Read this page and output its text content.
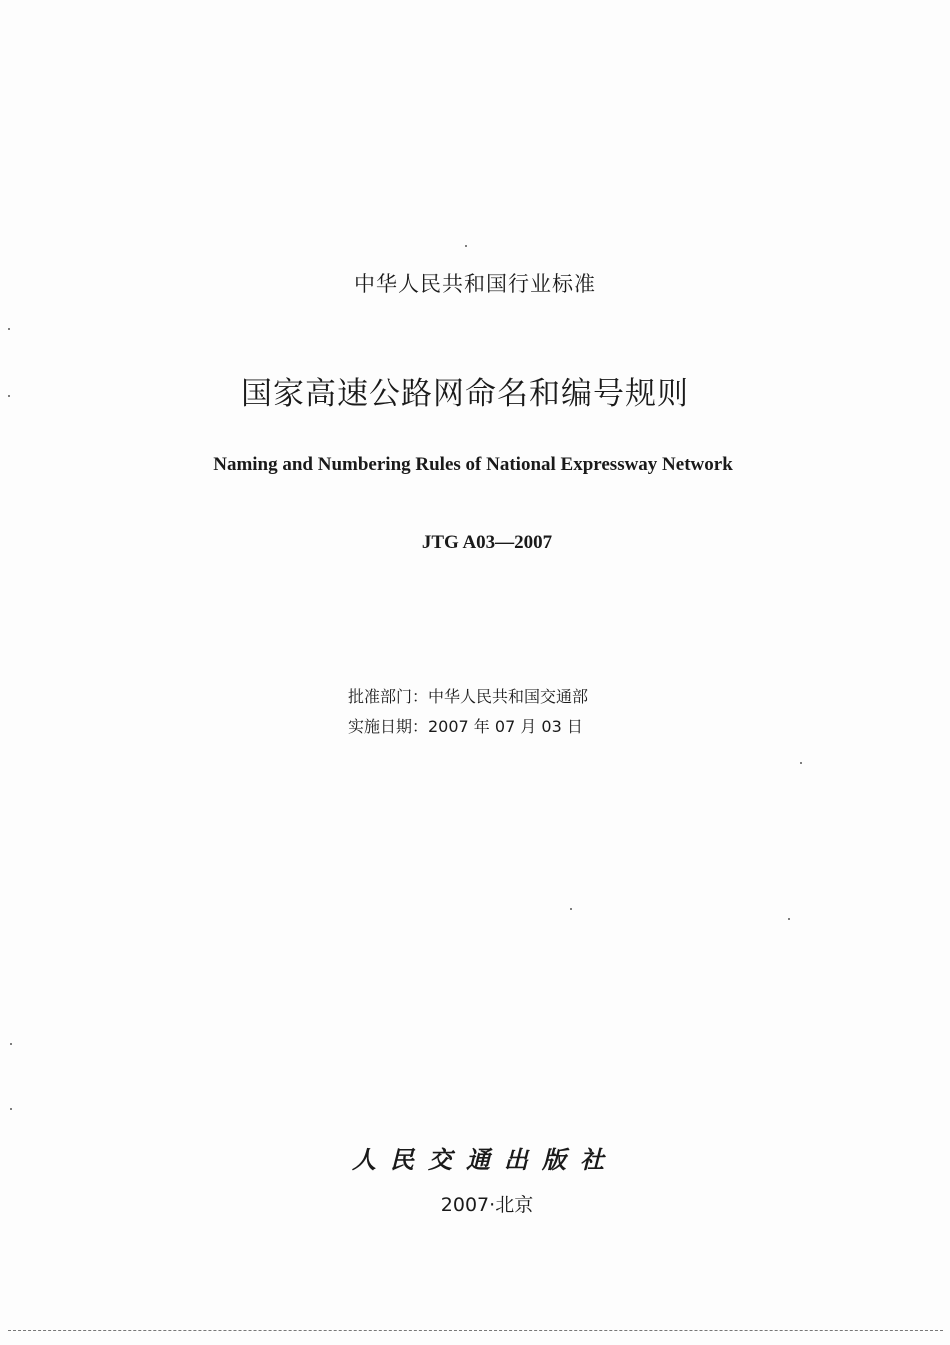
中华人民共和国行业标准
国家高速公路网命名和编号规则
Naming and Numbering Rules of National Expressway Network
JTG A03—2007
批准部门：中华人民共和国交通部
实施日期：2007 年 07 月 03 日
人民交通出版社
2007·北京
